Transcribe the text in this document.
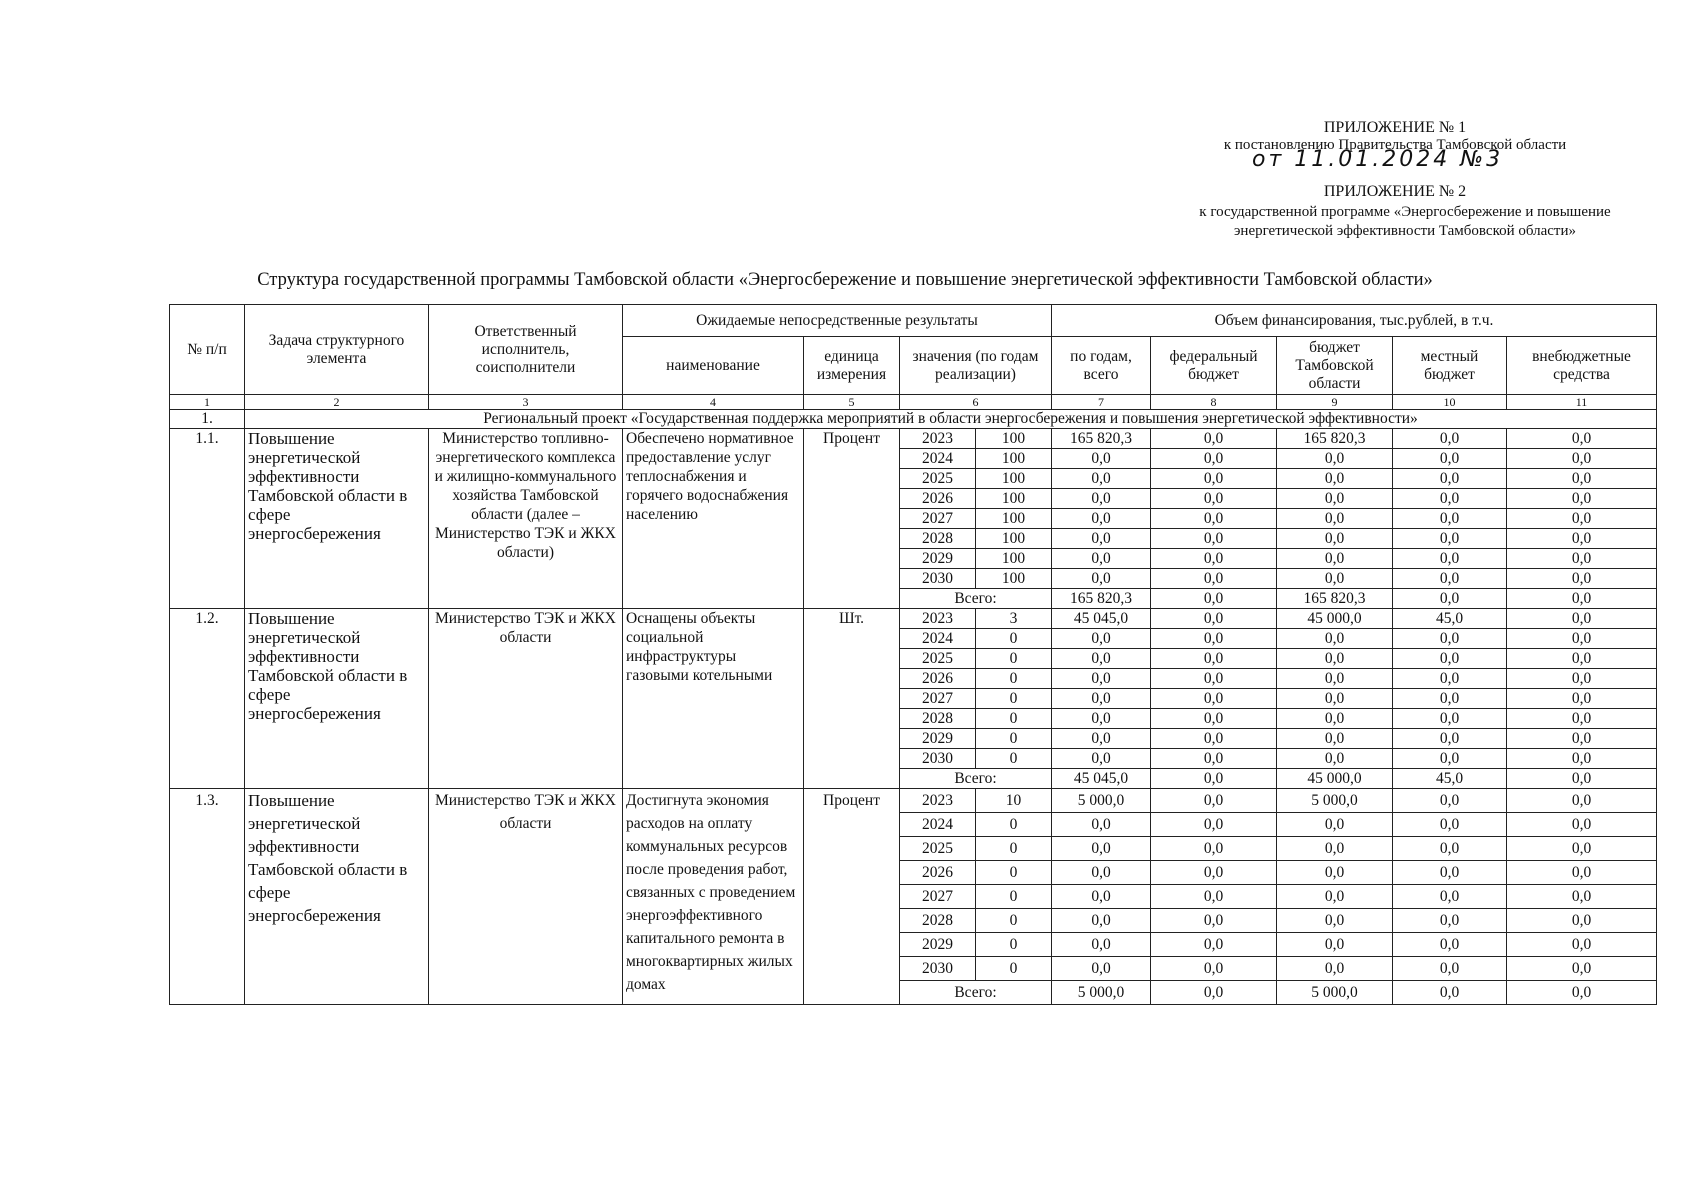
ПРИЛОЖЕНИЕ № 1
к постановлению Правительства Тамбовской области
от 11.01.2024 №3
ПРИЛОЖЕНИЕ № 2
к государственной программе «Энергосбережение и повышение
энергетической эффективности Тамбовской области»
Структура государственной программы Тамбовской области «Энергосбережение и повышение энергетической эффективности Тамбовской области»
№ п/п	Задача структурного элемента	Ответственный исполнитель, соисполнители	Ожидаемые непосредственные результаты				Объем финансирования, тыс.рублей, в т.ч.				
			наименование	единица измерения	значения (по годам реализации)		по годам, всего	федеральный бюджет	бюджет Тамбовской области	местный бюджет	внебюджетные средства
1	2	3	4	5	6		7	8	9	10	11
1.	Региональный проект «Государственная поддержка мероприятий в области энергосбережения и повышения энергетической эффективности»										
1.1.	Повышение энергетической эффективности Тамбовской области в сфере энергосбережения	Министерство топливно-энергетического комплекса и жилищно-коммунального хозяйства Тамбовской области (далее – Министерство ТЭК и ЖКХ области)	Обеспечено нормативное предоставление услуг теплоснабжения и горячего водоснабжения населению	Процент	2023	100	165 820,3	0,0	165 820,3	0,0	0,0
					2024	100	0,0	0,0	0,0	0,0	0,0
					2025	100	0,0	0,0	0,0	0,0	0,0
					2026	100	0,0	0,0	0,0	0,0	0,0
					2027	100	0,0	0,0	0,0	0,0	0,0
					2028	100	0,0	0,0	0,0	0,0	0,0
					2029	100	0,0	0,0	0,0	0,0	0,0
					2030	100	0,0	0,0	0,0	0,0	0,0
					Всего:		165 820,3	0,0	165 820,3	0,0	0,0
1.2.	Повышение энергетической эффективности Тамбовской области в сфере энергосбережения	Министерство ТЭК и ЖКХ области	Оснащены объекты социальной инфраструктуры газовыми котельными	Шт.	2023	3	45 045,0	0,0	45 000,0	45,0	0,0
					2024	0	0,0	0,0	0,0	0,0	0,0
					2025	0	0,0	0,0	0,0	0,0	0,0
					2026	0	0,0	0,0	0,0	0,0	0,0
					2027	0	0,0	0,0	0,0	0,0	0,0
					2028	0	0,0	0,0	0,0	0,0	0,0
					2029	0	0,0	0,0	0,0	0,0	0,0
					2030	0	0,0	0,0	0,0	0,0	0,0
					Всего:		45 045,0	0,0	45 000,0	45,0	0,0
1.3.	Повышение энергетической эффективности Тамбовской области в сфере энергосбережения	Министерство ТЭК и ЖКХ области	Достигнута экономия расходов на оплату коммунальных ресурсов после проведения работ, связанных с проведением энергоэффективного капитального ремонта в многоквартирных жилых домах	Процент	2023	10	5 000,0	0,0	5 000,0	0,0	0,0
					2024	0	0,0	0,0	0,0	0,0	0,0
					2025	0	0,0	0,0	0,0	0,0	0,0
					2026	0	0,0	0,0	0,0	0,0	0,0
					2027	0	0,0	0,0	0,0	0,0	0,0
					2028	0	0,0	0,0	0,0	0,0	0,0
					2029	0	0,0	0,0	0,0	0,0	0,0
					2030	0	0,0	0,0	0,0	0,0	0,0
					Всего:		5 000,0	0,0	5 000,0	0,0	0,0
